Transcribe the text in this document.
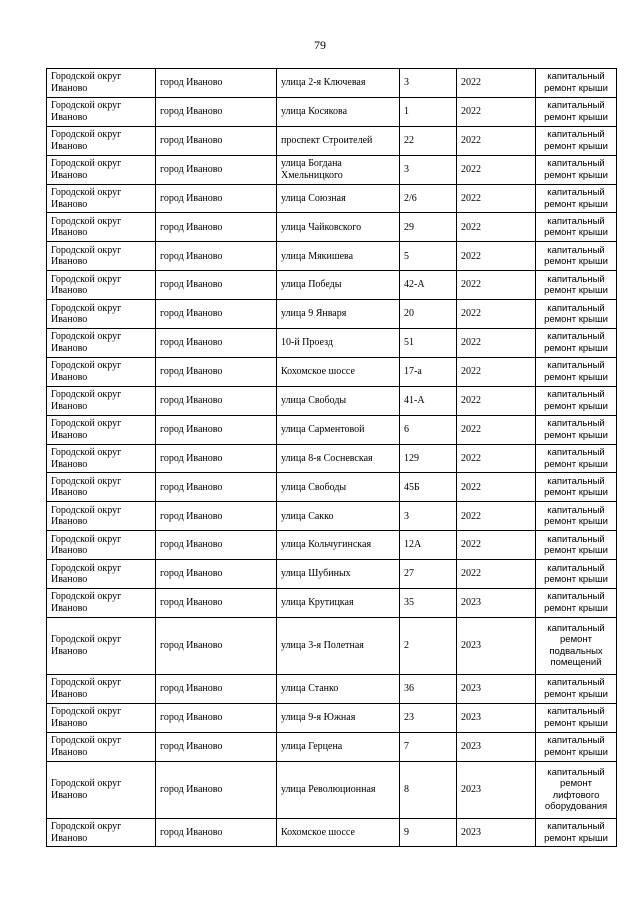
79
Городской округ Иваново	город Иваново	улица 2-я Ключевая	3	2022	капитальный ремонт крыши
Городской округ Иваново	город Иваново	улица Косякова	1	2022	капитальный ремонт крыши
Городской округ Иваново	город Иваново	проспект Строителей	22	2022	капитальный ремонт крыши
Городской округ Иваново	город Иваново	улица Богдана Хмельницкого	3	2022	капитальный ремонт крыши
Городской округ Иваново	город Иваново	улица Союзная	2/6	2022	капитальный ремонт крыши
Городской округ Иваново	город Иваново	улица Чайковского	29	2022	капитальный ремонт крыши
Городской округ Иваново	город Иваново	улица Мякишева	5	2022	капитальный ремонт крыши
Городской округ Иваново	город Иваново	улица Победы	42-А	2022	капитальный ремонт крыши
Городской округ Иваново	город Иваново	улица 9 Января	20	2022	капитальный ремонт крыши
Городской округ Иваново	город Иваново	10-й Проезд	51	2022	капитальный ремонт крыши
Городской округ Иваново	город Иваново	Кохомское шоссе	17-а	2022	капитальный ремонт крыши
Городской округ Иваново	город Иваново	улица Свободы	41-А	2022	капитальный ремонт крыши
Городской округ Иваново	город Иваново	улица Сарментовой	6	2022	капитальный ремонт крыши
Городской округ Иваново	город Иваново	улица 8-я Сосневская	129	2022	капитальный ремонт крыши
Городской округ Иваново	город Иваново	улица Свободы	45Б	2022	капитальный ремонт крыши
Городской округ Иваново	город Иваново	улица Сакко	3	2022	капитальный ремонт крыши
Городской округ Иваново	город Иваново	улица Кольчугинская	12А	2022	капитальный ремонт крыши
Городской округ Иваново	город Иваново	улица Шубиных	27	2022	капитальный ремонт крыши
Городской округ Иваново	город Иваново	улица Крутицкая	35	2023	капитальный ремонт крыши
Городской округ Иваново	город Иваново	улица 3-я Полетная	2	2023	капитальный ремонт подвальных помещений
Городской округ Иваново	город Иваново	улица Станко	36	2023	капитальный ремонт крыши
Городской округ Иваново	город Иваново	улица 9-я Южная	23	2023	капитальный ремонт крыши
Городской округ Иваново	город Иваново	улица Герцена	7	2023	капитальный ремонт крыши
Городской округ Иваново	город Иваново	улица Революционная	8	2023	капитальный ремонт лифтового оборудования
Городской округ Иваново	город Иваново	Кохомское шоссе	9	2023	капитальный ремонт крыши
